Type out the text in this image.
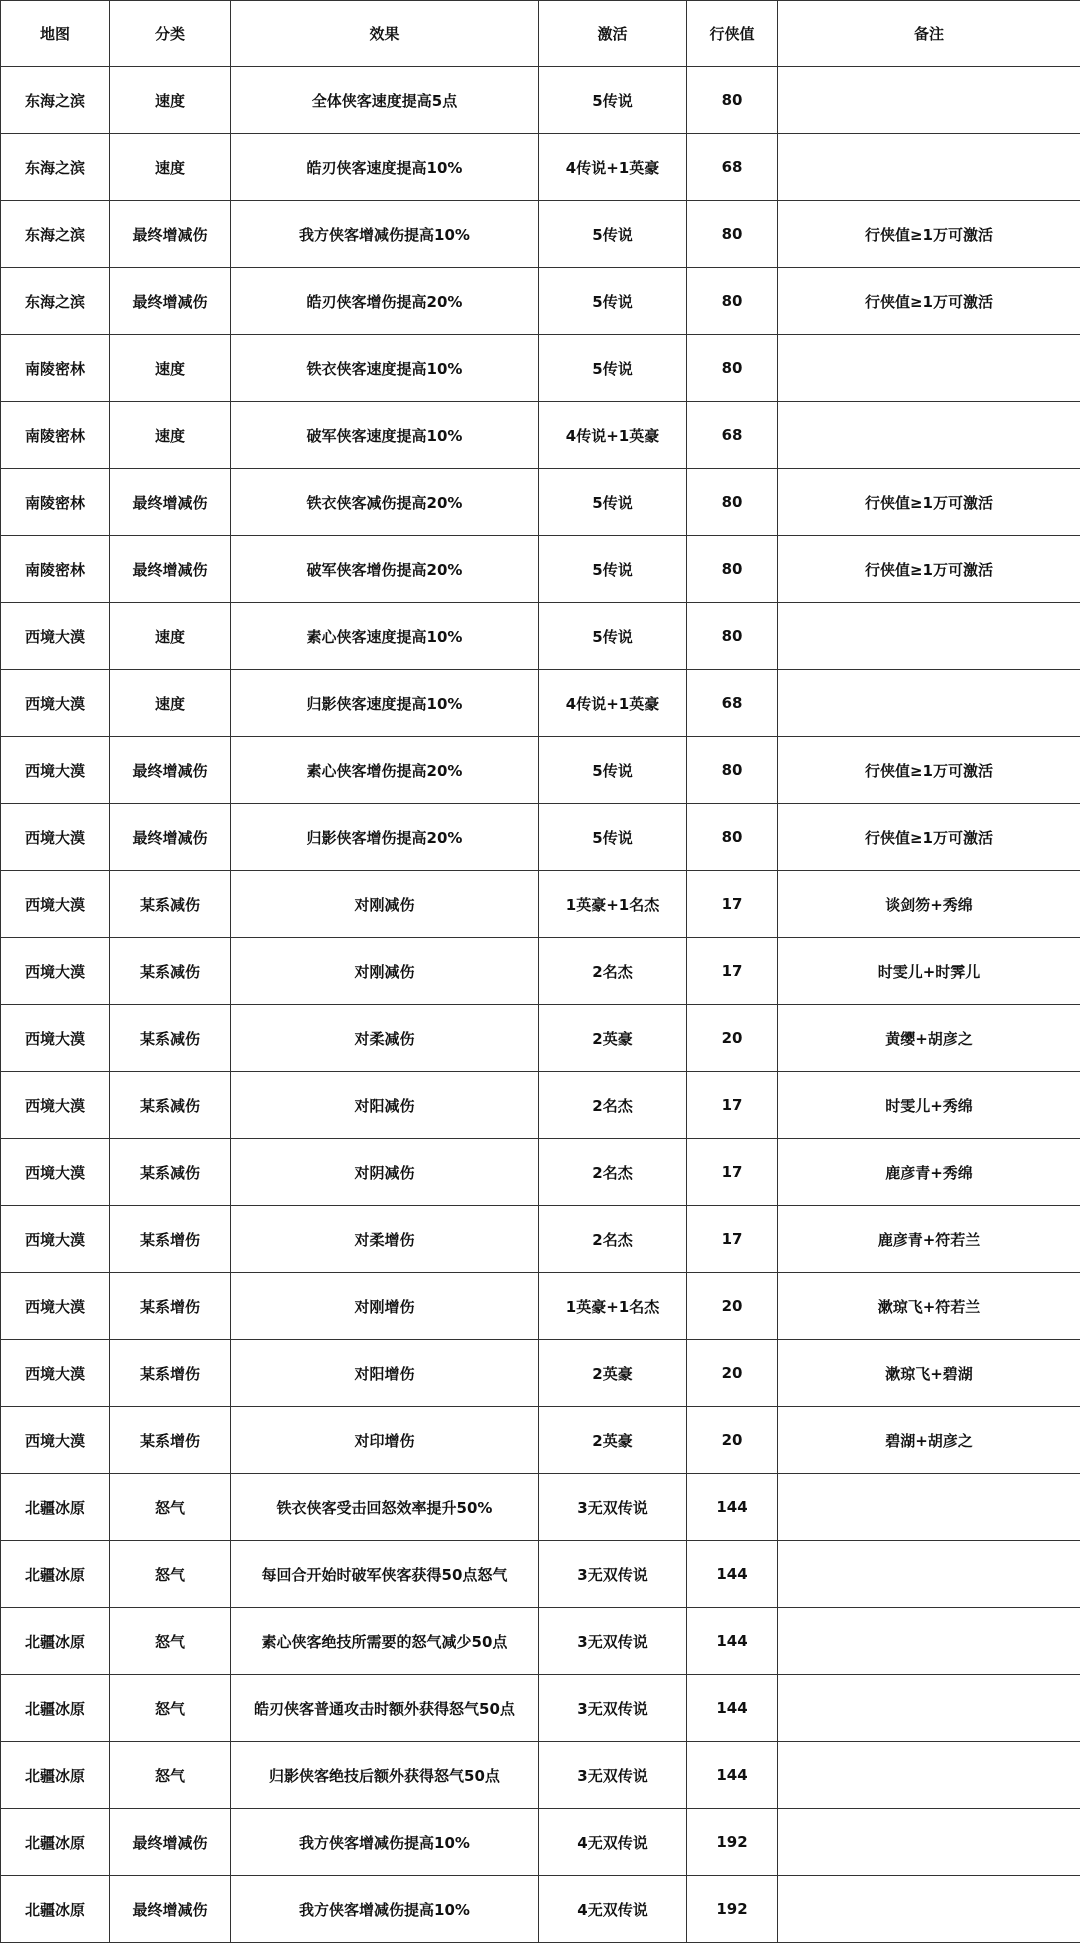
地图	分类	效果	激活	行侠值	备注
东海之滨	速度	全体侠客速度提高5点	5传说	80	
东海之滨	速度	皓刃侠客速度提高10%	4传说+1英豪	68	
东海之滨	最终增减伤	我方侠客增减伤提高10%	5传说	80	行侠值≥1万可激活
东海之滨	最终增减伤	皓刃侠客增伤提高20%	5传说	80	行侠值≥1万可激活
南陵密林	速度	铁衣侠客速度提高10%	5传说	80	
南陵密林	速度	破军侠客速度提高10%	4传说+1英豪	68	
南陵密林	最终增减伤	铁衣侠客减伤提高20%	5传说	80	行侠值≥1万可激活
南陵密林	最终增减伤	破军侠客增伤提高20%	5传说	80	行侠值≥1万可激活
西境大漠	速度	素心侠客速度提高10%	5传说	80	
西境大漠	速度	归影侠客速度提高10%	4传说+1英豪	68	
西境大漠	最终增减伤	素心侠客增伤提高20%	5传说	80	行侠值≥1万可激活
西境大漠	最终增减伤	归影侠客增伤提高20%	5传说	80	行侠值≥1万可激活
西境大漠	某系减伤	对刚减伤	1英豪+1名杰	17	谈剑笏+秀绵
西境大漠	某系减伤	对刚减伤	2名杰	17	时雯儿+时霁儿
西境大漠	某系减伤	对柔减伤	2英豪	20	黄缨+胡彦之
西境大漠	某系减伤	对阳减伤	2名杰	17	时雯儿+秀绵
西境大漠	某系减伤	对阴减伤	2名杰	17	鹿彦青+秀绵
西境大漠	某系增伤	对柔增伤	2名杰	17	鹿彦青+符若兰
西境大漠	某系增伤	对刚增伤	1英豪+1名杰	20	漱琼飞+符若兰
西境大漠	某系增伤	对阳增伤	2英豪	20	漱琼飞+碧湖
西境大漠	某系增伤	对印增伤	2英豪	20	碧湖+胡彦之
北疆冰原	怒气	铁衣侠客受击回怒效率提升50%	3无双传说	144	
北疆冰原	怒气	每回合开始时破军侠客获得50点怒气	3无双传说	144	
北疆冰原	怒气	素心侠客绝技所需要的怒气减少50点	3无双传说	144	
北疆冰原	怒气	皓刃侠客普通攻击时额外获得怒气50点	3无双传说	144	
北疆冰原	怒气	归影侠客绝技后额外获得怒气50点	3无双传说	144	
北疆冰原	最终增减伤	我方侠客增减伤提高10%	4无双传说	192	
北疆冰原	最终增减伤	我方侠客增减伤提高10%	4无双传说	192	
